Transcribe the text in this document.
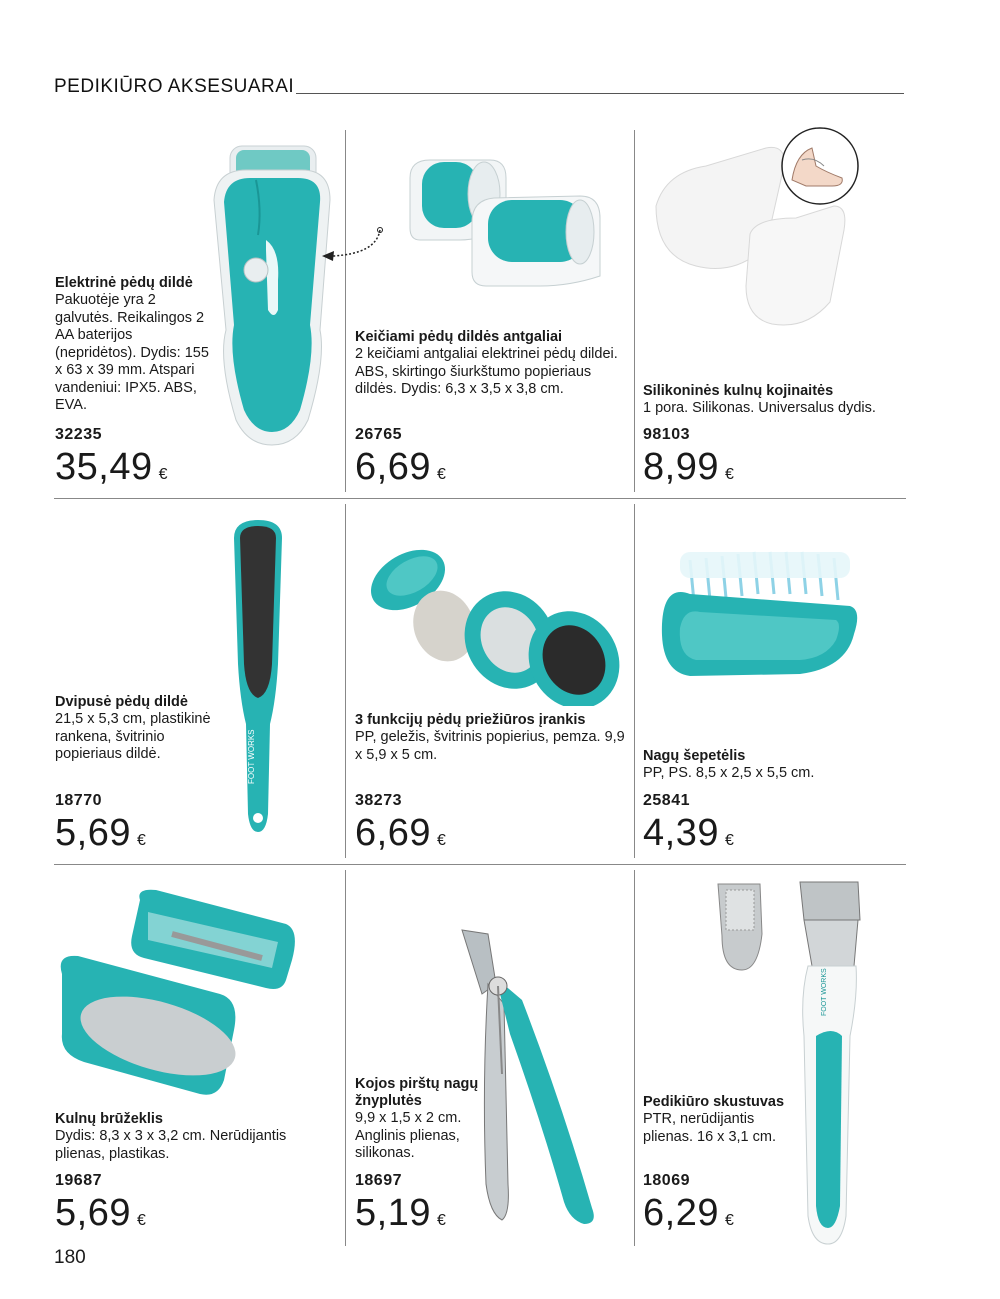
PEDIKIŪRO AKSESUARAI
Elektrinė pėdų dildė
Pakuotėje yra 2 galvutės. Reikalingos 2 AA baterijos (nepridėtos). Dydis: 155 x 63 x 39 mm. Atspari vandeniui: IPX5. ABS, EVA.
32235
35,49 €
Keičiami pėdų dildės antgaliai
2 keičiami antgaliai elektrinei pėdų dildei. ABS, skirtingo šiurkštumo popieriaus dildės. Dydis: 6,3 x 3,5 x 3,8 cm.
26765
6,69 €
Silikoninės kulnų kojinaitės
1 pora. Silikonas. Universalus dydis.
98103
8,99 €
FOOT WORKS
Dvipusė pėdų dildė
21,5 x 5,3 cm, plastikinė rankena, švitrinio popieriaus dildė.
18770
5,69 €
3 funkcijų pėdų priežiūros įrankis
PP, geležis, švitrinis popierius, pemza. 9,9 x 5,9 x 5 cm.
38273
6,69 €
Nagų šepetėlis
PP, PS. 8,5 x 2,5 x 5,5 cm.
25841
4,39 €
Kulnų brūžeklis
Dydis: 8,3 x 3 x 3,2 cm. Nerūdijantis plienas, plastikas.
19687
5,69 €
Kojos pirštų nagų žnyplutės
9,9 x 1,5 x 2 cm. Anglinis plienas, silikonas.
18697
5,19 €
FOOT WORKS
Pedikiūro skustuvas
PTR, nerūdijantis plienas. 16 x 3,1 cm.
18069
6,29 €
180
